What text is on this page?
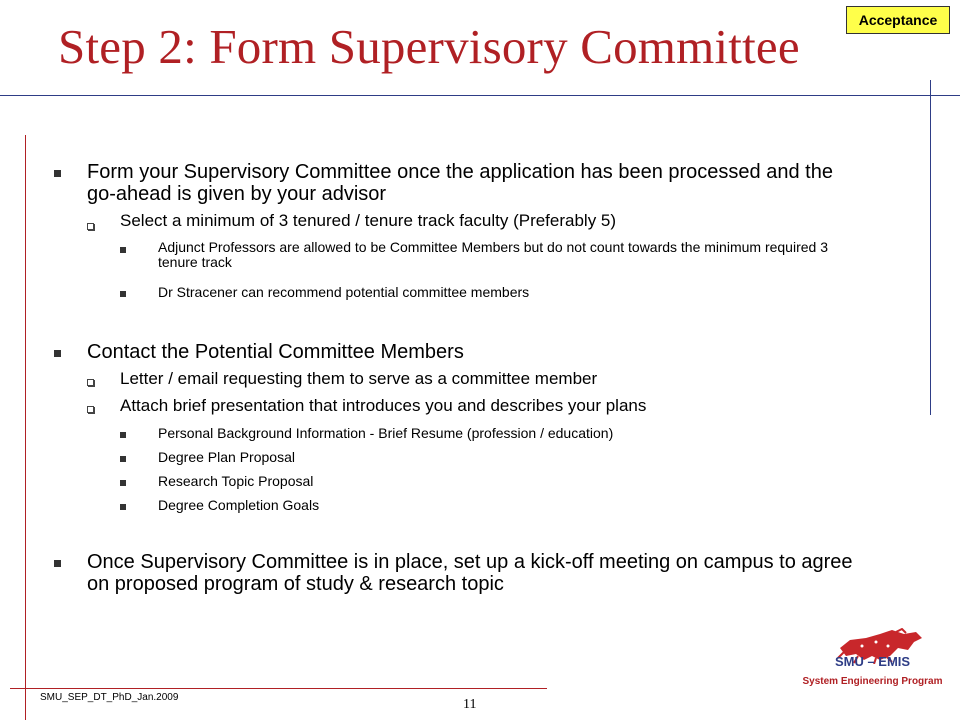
Step 2: Form Supervisory Committee	Acceptance
Form your Supervisory Committee once the application has been processed and the go-ahead is given by your advisor
Select a minimum of 3 tenured / tenure track faculty (Preferably 5)
Adjunct Professors are allowed to be Committee Members but do not count towards the minimum required 3 tenure track
Dr Stracener can recommend potential committee members
Contact the Potential Committee Members
Letter / email requesting them to serve as a committee member
Attach brief presentation that introduces you and describes your plans
Personal Background Information - Brief Resume (profession / education)
Degree Plan Proposal
Research Topic Proposal
Degree Completion Goals
Once Supervisory Committee is in place, set up a kick-off meeting on campus to agree on proposed program of study & research topic
SMU_SEP_DT_PhD_Jan.2009	11
SMU – EMIS
System Engineering Program
